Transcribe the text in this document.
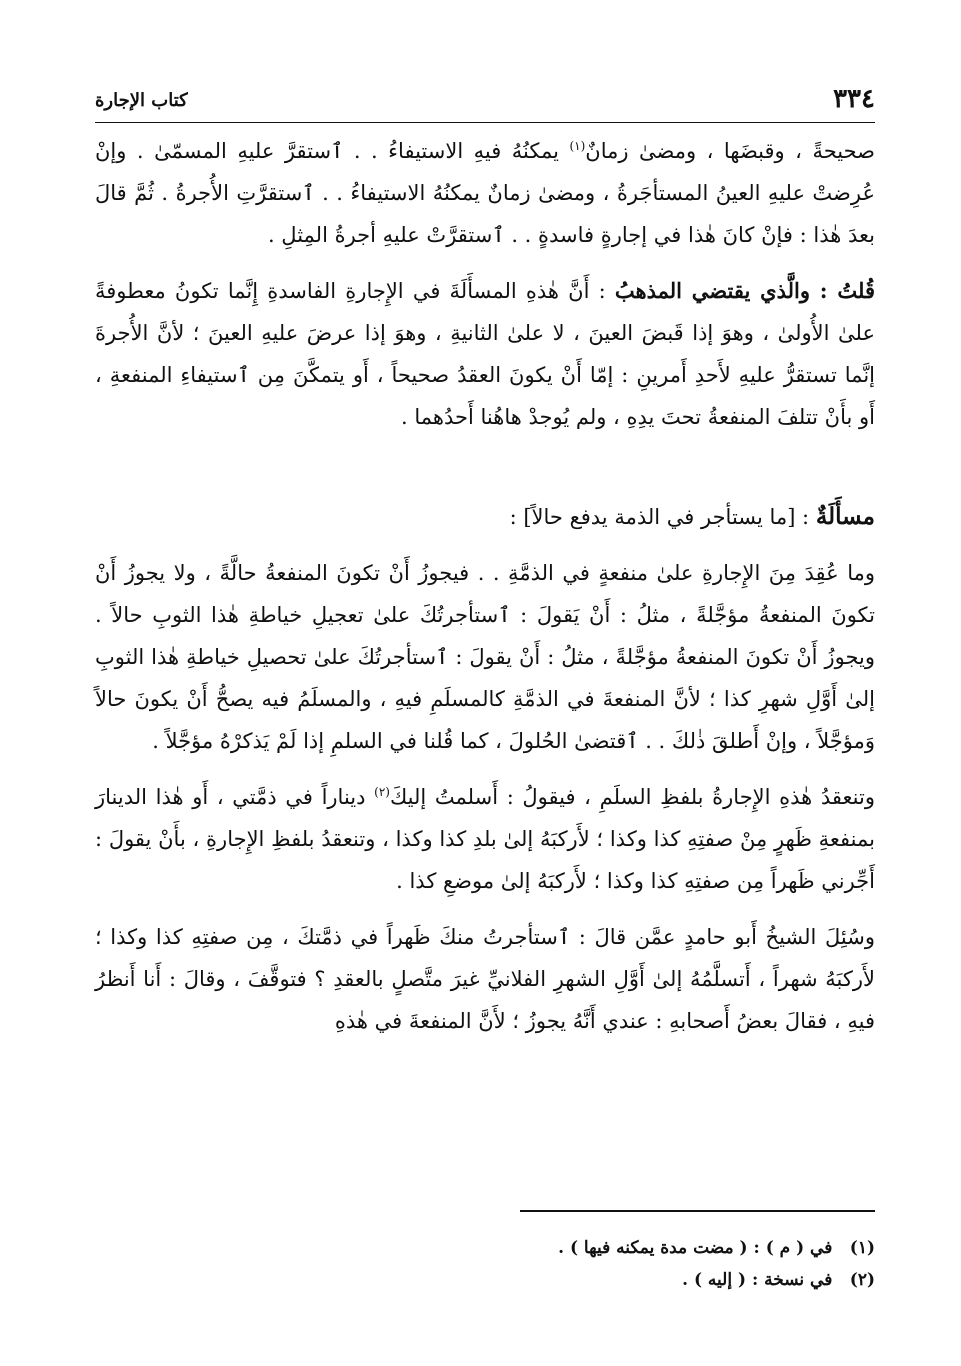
٣٣٤
كتاب الإجارة

صحيحةً ، وقبضَها ، ومضىٰ زمانٌ$^{(١)}$ يمكنُهُ فيهِ الاستيفاءُ . . ٱستقرَّ عليهِ المسمّىٰ . وإنْ عُرِضتْ عليهِ العينُ المستأجَرةُ ، ومضىٰ زمانٌ يمكنُهُ الاستيفاءُ . . ٱستقرَّتِ الأُجرةُ . ثُمَّ قالَ بعدَ هٰذا : فإنْ كانَ هٰذا في إجارةٍ فاسدةٍ . . ٱستقرَّتْ عليهِ أجرةُ المِثلِ .

قُلتُ : والَّذي يقتضي المذهبُ : أَنَّ هٰذهِ المسأَلَةَ في الإِجارةِ الفاسدةِ إِنَّما تكونُ معطوفةً علىٰ الأُولىٰ ، وهوَ إذا قَبضَ العينَ ، لا علىٰ الثانيةِ ، وهوَ إذا عرضَ عليهِ العينَ ؛ لأنَّ الأُجرةَ إنَّما تستقرُّ عليهِ لأَحدِ أَمرينِ : إمّا أَنْ يكونَ العقدُ صحيحاً ، أَو يتمكَّنَ مِن ٱستيفاءِ المنفعةِ ، أَو بأَنْ تتلفَ المنفعةُ تحتَ يدِهِ ، ولم يُوجدْ هاهُنا أَحدُهما .

مسأَلَةٌ : [ما يستأجر في الذمة يدفع حالاً] :

وما عُقِدَ مِنَ الإِجارةِ علىٰ منفعةٍ في الذمَّةِ . . فيجوزُ أَنْ تكونَ المنفعةُ حالَّةً ، ولا يجوزُ أَنْ تكونَ المنفعةُ مؤجَّلةً ، مثلُ : أَنْ يَقولَ : ٱستأجرتُكَ علىٰ تعجيلِ خياطةِ هٰذا الثوبِ حالاً . ويجوزُ أَنْ تكونَ المنفعةُ مؤجَّلةً ، مثلُ : أَنْ يقولَ : ٱستأجرتُكَ علىٰ تحصيلِ خياطةِ هٰذا الثوبِ إلىٰ أَوَّلِ شهرِ كذا ؛ لأنَّ المنفعةَ في الذمَّةِ كالمسلَمِ فيهِ ، والمسلَمُ فيه يصحُّ أَنْ يكونَ حالاً وَمؤجَّلاً ، وإنْ أَطلقَ ذٰلكَ . . ٱقتضىٰ الحُلولَ ، كما قُلنا في السلمِ إذا لَمْ يَذكرْهُ مؤجَّلاً .

وتنعقدُ هٰذهِ الإِجارةُ بلفظِ السلَمِ ، فيقولُ : أَسلمتُ إليكَ$^{(٢)}$ ديناراً في ذمَّتي ، أَو هٰذا الدينارَ بمنفعةِ ظَهرٍ مِنْ صفتِهِ كذا وكذا ؛ لأَركبَهُ إلىٰ بلدِ كذا وكذا ، وتنعقدُ بلفظِ الإِجارةِ ، بأَنْ يقولَ : أَجِّرني ظَهراً مِن صفتِهِ كذا وكذا ؛ لأَركبَهُ إلىٰ موضعِ كذا .

وسُئِلَ الشيخُ أَبو حامدٍ عمَّن قالَ : ٱستأجرتُ منكَ ظَهراً في ذمَّتكَ ، مِن صفتِهِ كذا وكذا ؛ لأَركبَهُ شهراً ، أَتسلَّمُهُ إلىٰ أَوَّلِ الشهرِ الفلانيِّ غيرَ متَّصلٍ بالعقدِ ؟ فتوقَّفَ ، وقالَ : أَنا أَنظرُ فيهِ ، فقالَ بعضُ أَصحابهِ : عندي أَنَّهُ يجوزُ ؛ لأَنَّ المنفعةَ في هٰذهِ

(١) في ( م ) : ( مضت مدة يمكنه فيها ) .

(٢) في نسخة : ( إليه ) .
